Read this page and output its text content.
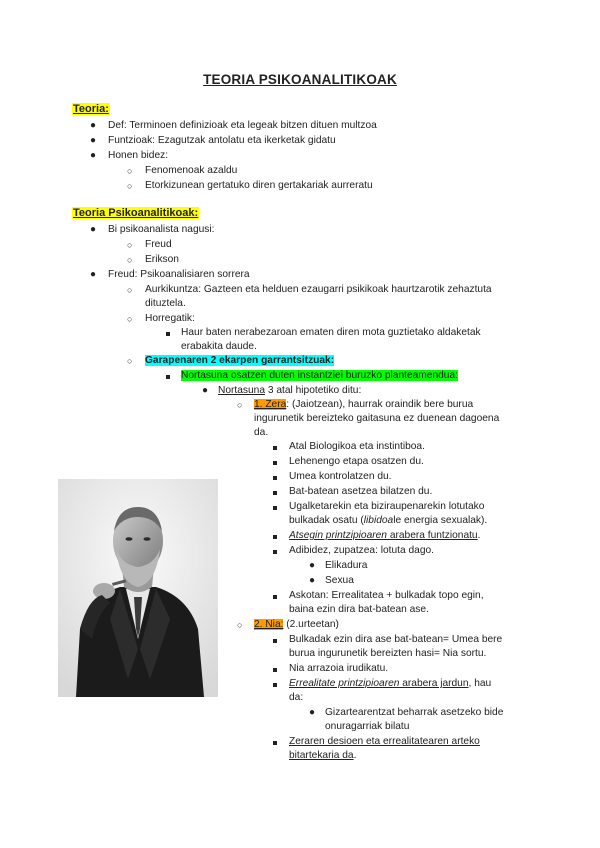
TEORIA PSIKOANALITIKOAK
Teoria:
● Def: Terminoen definizioak eta legeak bitzen dituen multzoa
● Funtzioak: Ezagutzak antolatu eta ikerketak gidatu
● Honen bidez:
○ Fenomenoak azaldu
○ Etorkizunean gertatuko diren gertakariak aurreratu
Teoria Psikoanalitikoak:
● Bi psikoanalista nagusi:
○ Freud
○ Erikson
● Freud: Psikoanalisiaren sorrera
○ Aurkikuntza: Gazteen eta helduen ezaugarri psikikoak haurtzarotik zehaztuta
dituztela.
○ Horregatik:
Haur baten nerabezaroan ematen diren mota guztietako aldaketak
erabakita daude.
○ Garapenaren 2 ekarpen garrantsitzuak:
Nortasuna osatzen duten instantziei buruzko planteamendua:
● Nortasuna 3 atal hipotetiko ditu:
○ 1. Zera: (Jaiotzean), haurrak oraindik bere burua
ingurunetik bereizteko gaitasuna ez duenean dagoena
da.
Atal Biologikoa eta instintiboa.
Lehenengo etapa osatzen du.
Umea kontrolatzen du.
Bat-batean asetzea bilatzen du.
Ugalketarekin eta biziraupenarekin lotutako
bulkadak osatu (libidoale energia sexualak).
Atsegin printzipioaren arabera funtzionatu.
Adibidez, zupatzea: lotuta dago.
● Elikadura
● Sexua
Askotan: Errealitatea + bulkadak topo egin,
baina ezin dira bat-batean ase.
○ 2. Nia: (2.urteetan)
Bulkadak ezin dira ase bat-batean= Umea bere
burua ingurunetik bereizten hasi= Nia sortu.
Nia arrazoia irudikatu.
Errealitate printzipioaren arabera jardun, hau
da:
● Gizartearentzat beharrak asetzeko bide
onuragarriak bilatu
Zeraren desioen eta errealitatearen arteko
bitartekaria da.
